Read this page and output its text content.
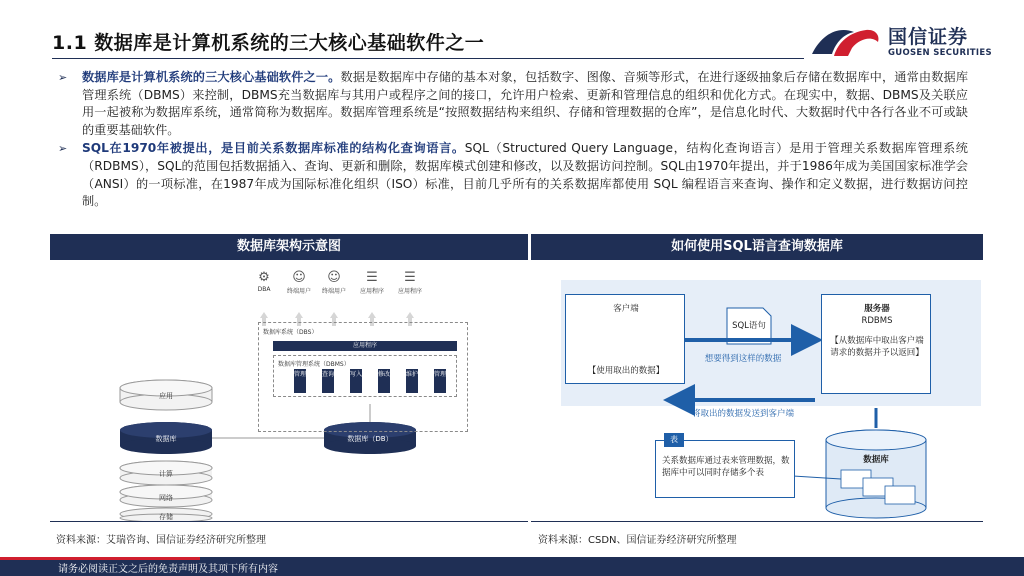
1.1 数据库是计算机系统的三大核心基础软件之一	国信证券
GUOSEN SECURITIES
➢ 数据库是计算机系统的三大核心基础软件之一。数据是数据库中存储的基本对象，包括数字、图像、音频等形式，在进行逐级抽象后存储在数据库中，通常由数据库管理系统（DBMS）来控制，DBMS充当数据库与其用户或程序之间的接口，允许用户检索、更新和管理信息的组织和优化方式。在现实中，数据、DBMS及关联应用一起被称为数据库系统，通常简称为数据库。数据库管理系统是“按照数据结构来组织、存储和管理数据的仓库”，是信息化时代、大数据时代中各行各业不可或缺的重要基础软件。
➢ SQL在1970年被提出，是目前关系数据库标准的结构化查询语言。SQL（Structured Query Language，结构化查询语言）是用于管理关系数据库管理系统（RDBMS），SQL的范围包括数据插入、查询、更新和删除，数据库模式创建和修改，以及数据访问控制。SQL由1970年提出，并于1986年成为美国国家标准学会（ANSI）的一项标准，在1987年成为国际标准化组织（ISO）标准，目前几乎所有的关系数据库都使用 SQL 编程语言来查询、操作和定义数据，进行数据访问控制。
数据库架构示意图
⚙
DBA
☺
终端用户
☺
终端用户
☰
应用程序
☰
应用程序
数据库系统（DBS）
应用程序
数据库管理系统（DBMS）
管理	查询	写入	修改	维护	管理
应用
数据库
计算
网络
存储
数据库（DB）
资料来源：艾瑞咨询、国信证券经济研究所整理
如何使用SQL语言查询数据库
客户端
【使用取出的数据】
SQL语句
想要得到这样的数据
将取出的数据发送到客户端
服务器
RDBMS
【从数据库中取出客户端请求的数据并予以返回】
表
关系数据库通过表来管理数据，数据库中可以同时存储多个表
数据库
资料来源：CSDN、国信证券经济研究所整理
请务必阅读正文之后的免责声明及其项下所有内容
